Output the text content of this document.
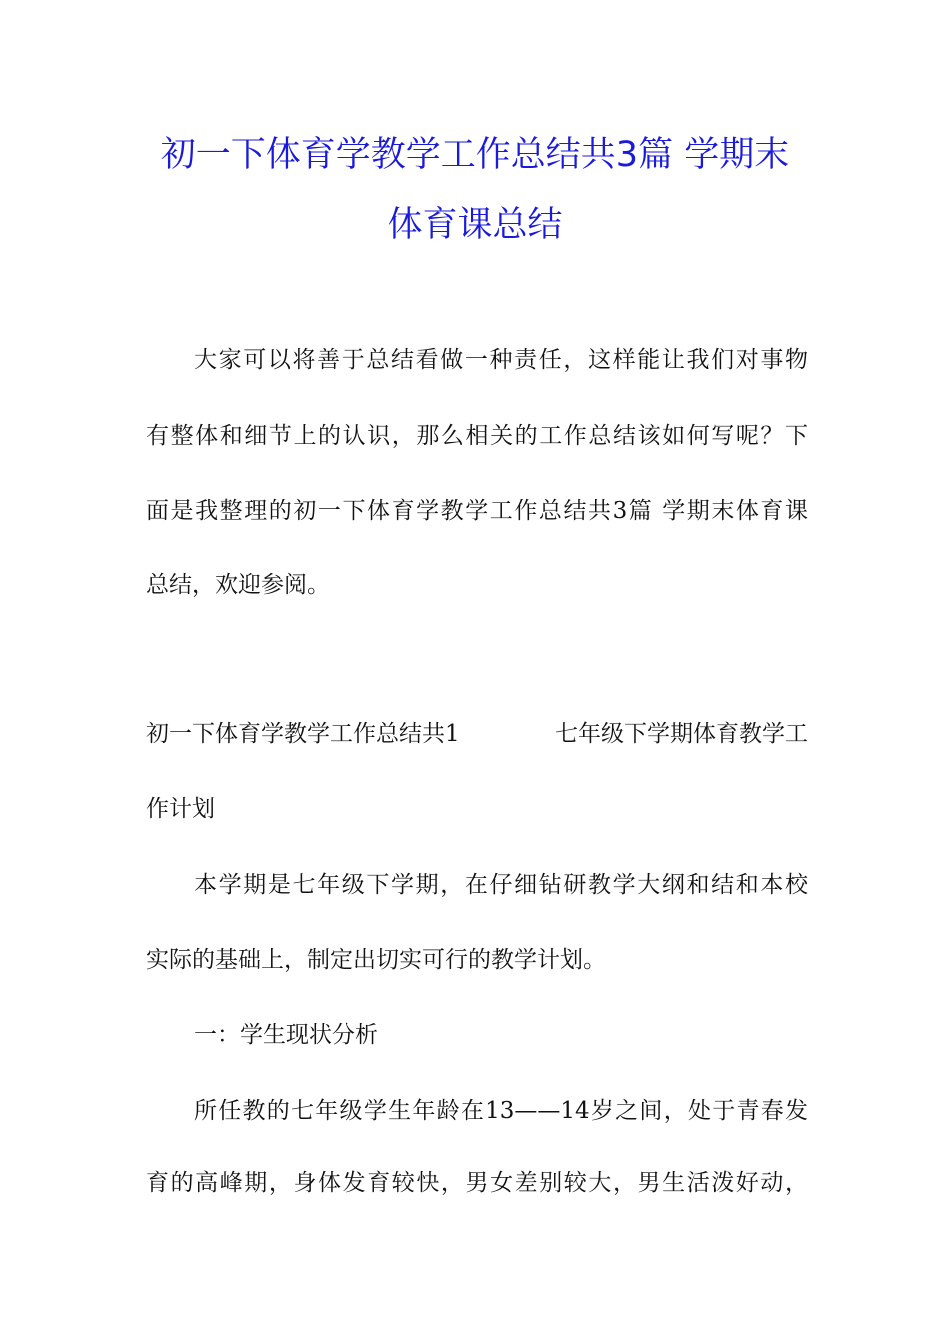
初一下体育学教学工作总结共3篇 学期末
体育课总结
大家可以将善于总结看做一种责任，这样能让我们对事物
有整体和细节上的认识，那么相关的工作总结该如何写呢？下
面是我整理的初一下体育学教学工作总结共3篇 学期末体育课
总结，欢迎参阅。
初一下体育学教学工作总结共1	七年级下学期体育教学工
作计划
本学期是七年级下学期，在仔细钻研教学大纲和结和本校
实际的基础上，制定出切实可行的教学计划。
一：学生现状分析
所任教的七年级学生年龄在13——14岁之间，处于青春发
育的高峰期，身体发育较快，男女差别较大，男生活泼好动，
